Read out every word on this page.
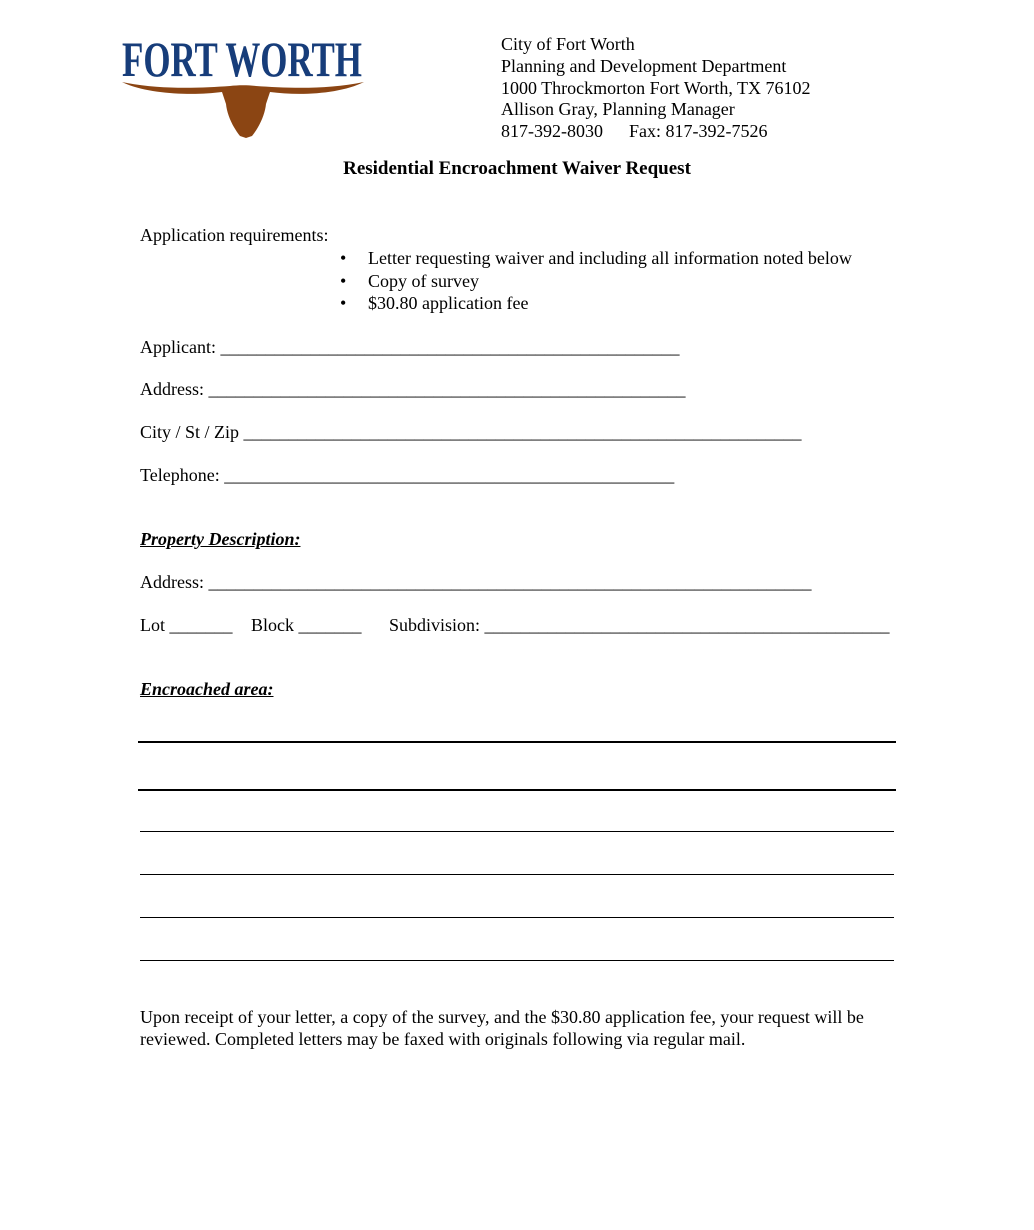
FORT WORTH	City of Fort Worth
Planning and Development Department
1000 Throckmorton Fort Worth, TX 76102
Allison Gray, Planning Manager
817-392-8030 Fax: 817-392-7526
Residential Encroachment Waiver Request
Application requirements:
• Letter requesting waiver and including all information noted below
• Copy of survey
• $30.80 application fee
Applicant: ___________________________________________________
Address: _____________________________________________________
City / St / Zip ______________________________________________________________
Telephone: __________________________________________________
Property Description:
Address: ___________________________________________________________________
Lot _______ Block _______ Subdivision: _____________________________________________
Encroached area:
Upon receipt of your letter, a copy of the survey, and the $30.80 application fee, your request will be reviewed. Completed letters may be faxed with originals following via regular mail.
